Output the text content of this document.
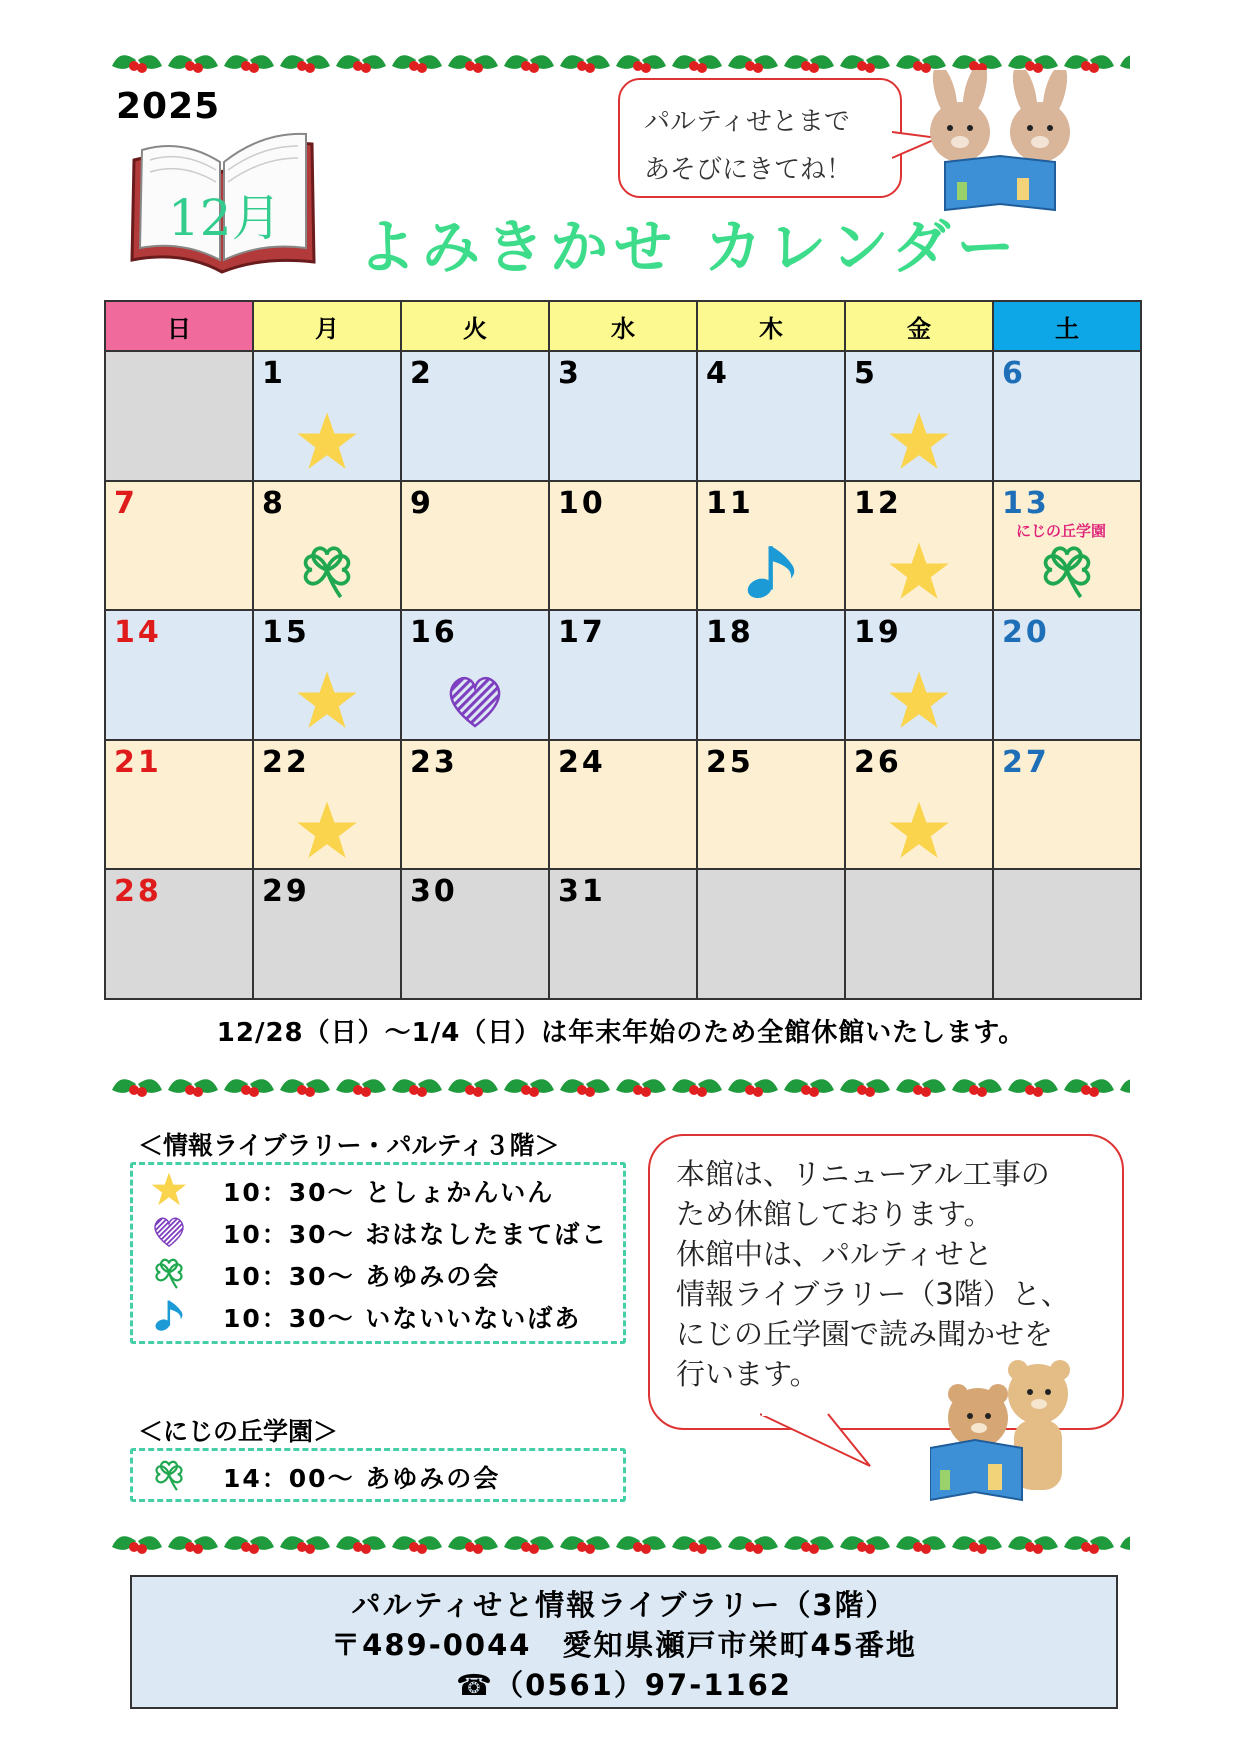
2025
12月 よみきかせ カレンダー
パルティせとまで
あそびにきてね！
日	月	火	水	木	金	土

	1	2	3	4	5	6

7	8	9	10	11	12	13
にじの丘学園

14	15	16	17	18	19	20

21	22	23	24	25	26	27

28	29	30	31			

12/28（日）～1/4（日）は年末年始のため全館休館いたします。
＜情報ライブラリー・パルティ３階＞
10：30～ としょかんいん
10：30～ おはなしたまてばこ
10：30～ あゆみの会
10：30～ いないいないばあ
＜にじの丘学園＞
14：00～ あゆみの会
本館は、リニューアル工事の
ため休館しております。
休館中は、パルティせと
情報ライブラリー（3階）と、
にじの丘学園で読み聞かせを
行います。
パルティせと情報ライブラリー（3階）
〒489-0044　愛知県瀬戸市栄町45番地
☎（0561）97-1162
